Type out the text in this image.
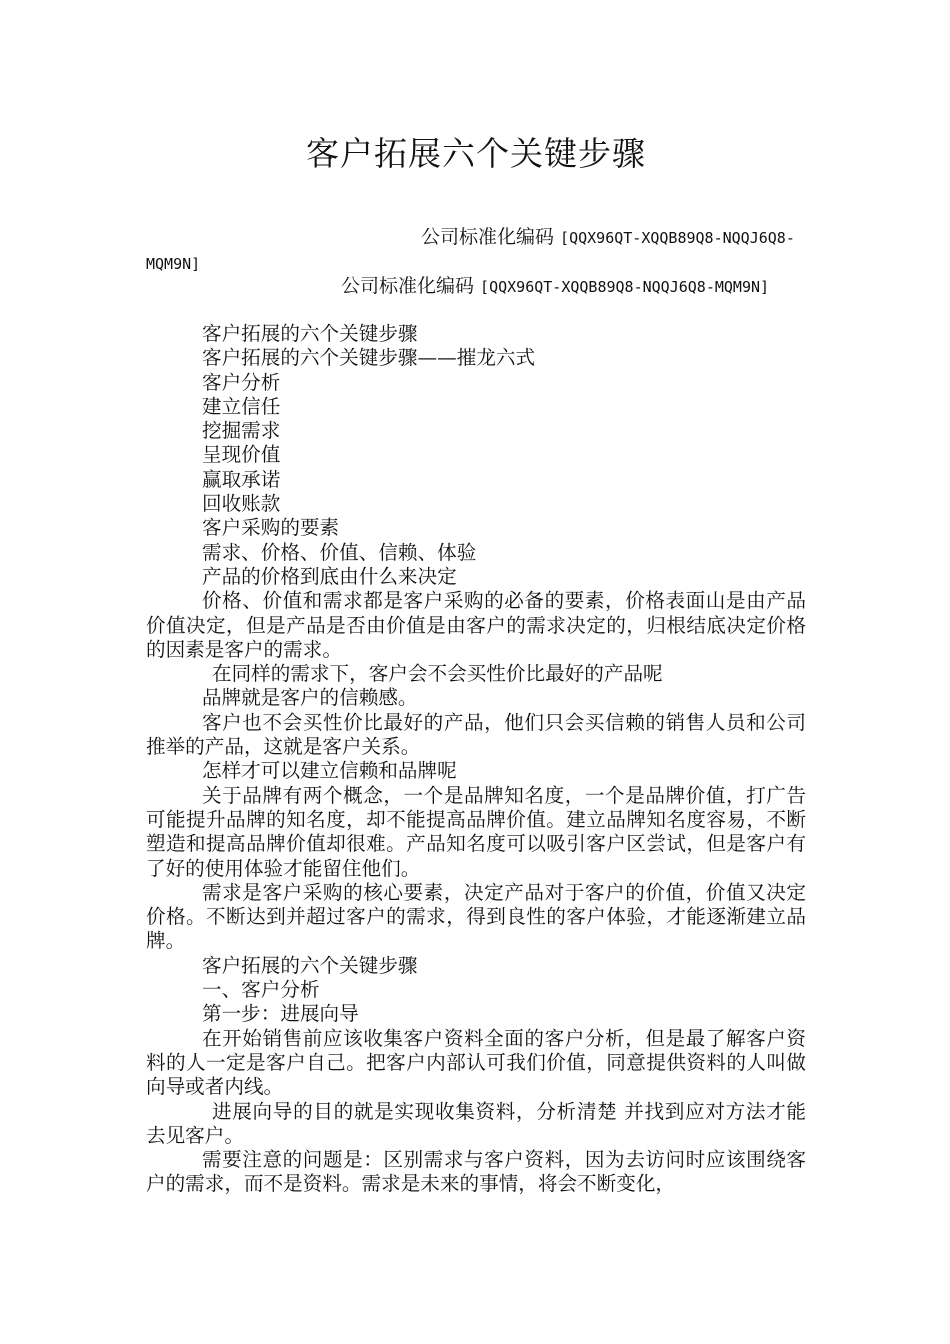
客户拓展六个关键步骤

公司标准化编码 [QQX96QT-XQQB89Q8-NQQJ6Q8-MQM9N]

公司标准化编码 [QQX96QT-XQQB89Q8-NQQJ6Q8-MQM9N]

客户拓展的六个关键步骤

客户拓展的六个关键步骤——摧龙六式

客户分析

建立信任

挖掘需求

呈现价值

赢取承诺

回收账款

客户采购的要素

需求、价格、价值、信赖、体验

产品的价格到底由什么来决定

价格、价值和需求都是客户采购的必备的要素，价格表面山是由产品价值决定，但是产品是否由价值是由客户的需求决定的，归根结底决定价格的因素是客户的需求。

在同样的需求下，客户会不会买性价比最好的产品呢

品牌就是客户的信赖感。

客户也不会买性价比最好的产品，他们只会买信赖的销售人员和公司推举的产品，这就是客户关系。

怎样才可以建立信赖和品牌呢

关于品牌有两个概念，一个是品牌知名度，一个是品牌价值，打广告可能提升品牌的知名度，却不能提高品牌价值。建立品牌知名度容易，不断塑造和提高品牌价值却很难。产品知名度可以吸引客户区尝试，但是客户有了好的使用体验才能留住他们。

需求是客户采购的核心要素，决定产品对于客户的价值，价值又决定价格。不断达到并超过客户的需求，得到良性的客户体验，才能逐渐建立品牌。

客户拓展的六个关键步骤

一、客户分析

第一步：进展向导

在开始销售前应该收集客户资料全面的客户分析，但是最了解客户资料的人一定是客户自己。把客户内部认可我们价值，同意提供资料的人叫做向导或者内线。

进展向导的目的就是实现收集资料，分析清楚 并找到应对方法才能去见客户。

需要注意的问题是：区别需求与客户资料，因为去访问时应该围绕客户的需求，而不是资料。需求是未来的事情，将会不断变化，
